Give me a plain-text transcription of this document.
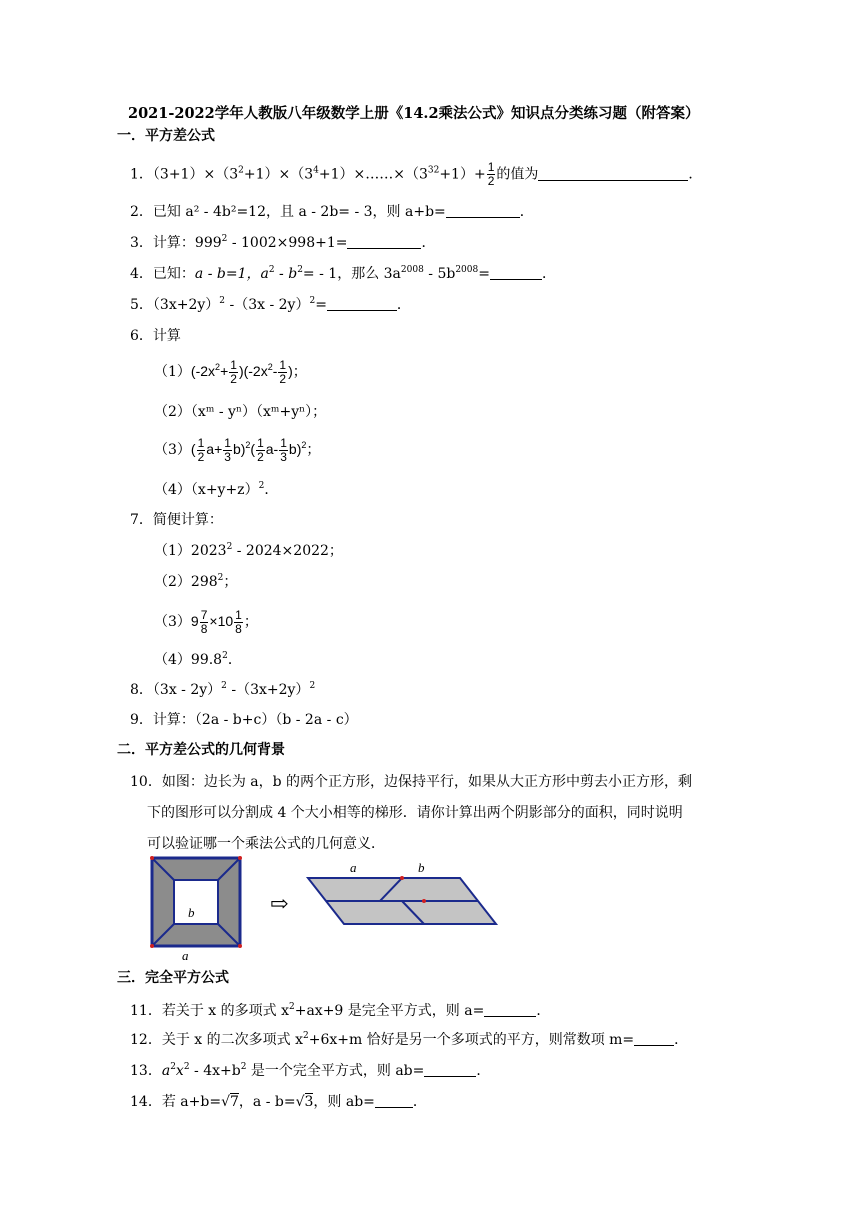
2021-2022学年人教版八年级数学上册《14.2乘法公式》知识点分类练习题（附答案）
一．平方差公式
1．$(3+1)\times(3^2+1)\times(3^4+1)\times\dots\dots\times(3^{32}+1)+ \frac{1}{2}$ 的值为	．
2．已知 a² - 4b²=12，且 a - 2b= - 3，则 a+b=	．
3．计算：$999^2 - 1002\times 998+1=$	．
4．已知：a - b=1，$a^2 - b^2= - 1$，那么 $3a^{2008} - 5b^{2008}=$	．
5．$(3x+2y)^2$ -（3x - 2y）$^2$=	．
6．计算
$(1)(-2x^2+ \frac{1}{2} )(-2x^2- \frac{1}{2}$ )；
（2）（xᵐ - yⁿ）（xᵐ+yⁿ）；
$(3)( \frac{1}{2} a+ \frac{1}{3} b)^2( \frac{1}{2} a- \frac{1}{3} b)^2$；
$(4)(x+y+z)^2$．
7．简便计算：
（1）2023$^2$ - 2024×2022；
$(2)298^2$；
$(3)9 \frac{7}{8} \times 10 \frac{1}{8}$ ；
（4）99.8$^2$．
8．（3x - 2y）$^2$ $-(3x+2y)^2$
9．计算：（2a - b+c）（b - 2a - c）
二．平方差公式的几何背景
10．如图：边长为 a，b 的两个正方形，边保持平行，如果从大正方形中剪去小正方形，剩
下的图形可以分割成 4 个大小相等的梯形．请你计算出两个阴影部分的面积，同时说明
可以验证哪一个乘法公式的几何意义．
b
a
⇨
a	b
三．完全平方公式
11．若关于 x 的多项式 $x^2+ax+9$ 是完全平方式，则 a=	．
12．关于 x 的二次多项式 $x^2+6x+m$ 恰好是另一个多项式的平方，则常数项 m=	．
13．$a^2x^2 - 4x+b^2$ 是一个完全平方式，则 ab=	．
14．若 a+b=√7，a - b=√3，则 ab=	．
